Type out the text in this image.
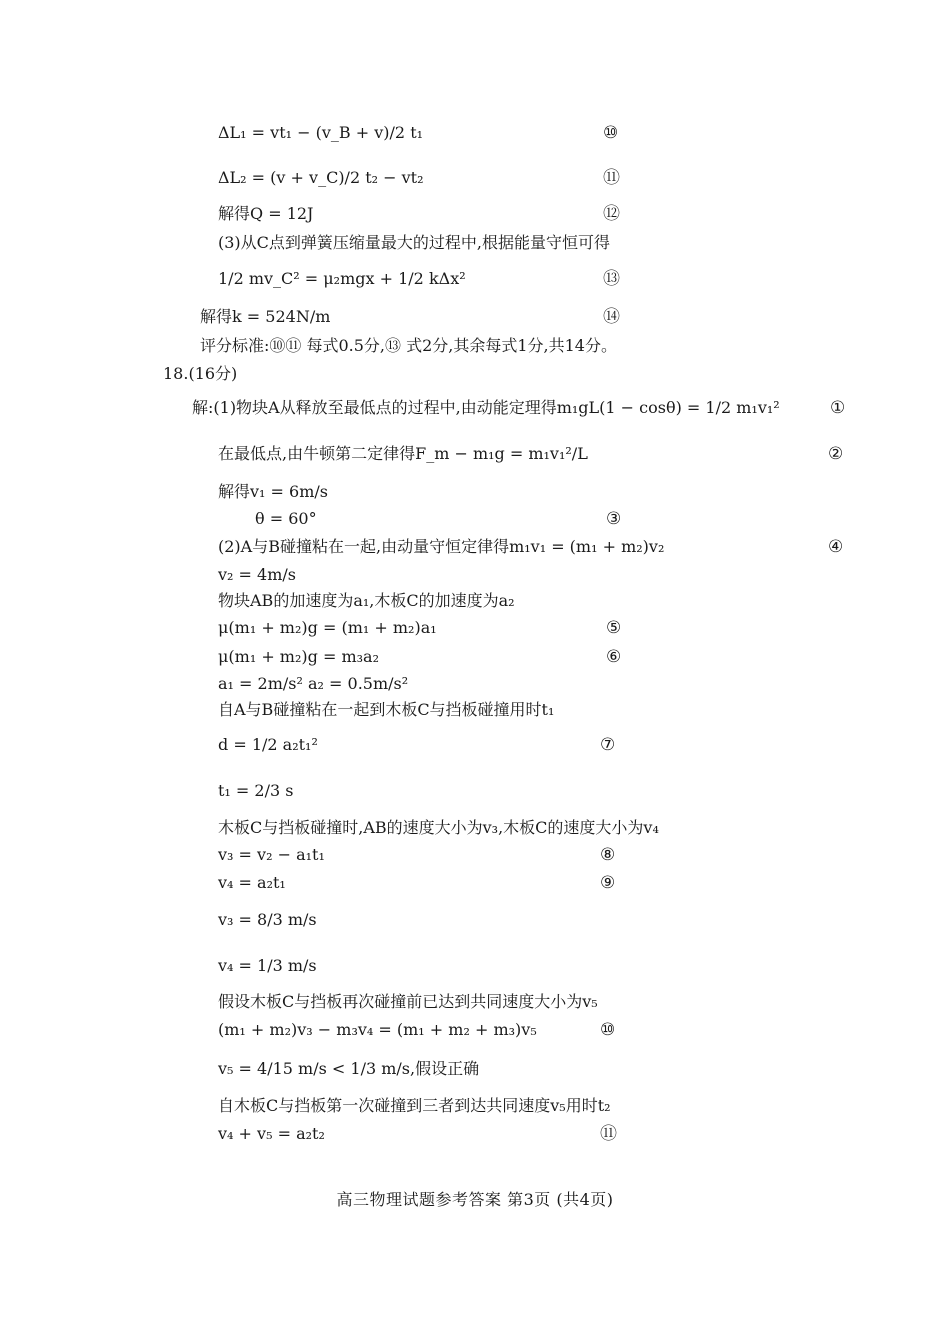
ΔL₁ = vt₁ − (v_B + v)/2 t₁	⑩
ΔL₂ = (v + v_C)/2 t₂ − vt₂	⑪
解得Q = 12J	⑫
(3)从C点到弹簧压缩量最大的过程中,根据能量守恒可得
1/2 mv_C² = μ₂mgx + 1/2 kΔx²	⑬
解得k = 524N/m	⑭
评分标准:⑩⑪ 每式0.5分,⑬ 式2分,其余每式1分,共14分。
18.(16分)
解:(1)物块A从释放至最低点的过程中,由动能定理得m₁gL(1 − cosθ) = 1/2 m₁v₁²	①
在最低点,由牛顿第二定律得F_m − m₁g = m₁v₁²/L	②
解得v₁ = 6m/s
θ = 60°	③
(2)A与B碰撞粘在一起,由动量守恒定律得m₁v₁ = (m₁ + m₂)v₂	④
v₂ = 4m/s
物块AB的加速度为a₁,木板C的加速度为a₂
μ(m₁ + m₂)g = (m₁ + m₂)a₁	⑤
μ(m₁ + m₂)g = m₃a₂	⑥
a₁ = 2m/s² a₂ = 0.5m/s²
自A与B碰撞粘在一起到木板C与挡板碰撞用时t₁
d = 1/2 a₂t₁²	⑦
t₁ = 2/3 s
木板C与挡板碰撞时,AB的速度大小为v₃,木板C的速度大小为v₄
v₃ = v₂ − a₁t₁	⑧
v₄ = a₂t₁	⑨
v₃ = 8/3 m/s
v₄ = 1/3 m/s
假设木板C与挡板再次碰撞前已达到共同速度大小为v₅
(m₁ + m₂)v₃ − m₃v₄ = (m₁ + m₂ + m₃)v₅	⑩
v₅ = 4/15 m/s < 1/3 m/s,假设正确
自木板C与挡板第一次碰撞到三者到达共同速度v₅用时t₂
v₄ + v₅ = a₂t₂	⑪
高三物理试题参考答案 第3页 (共4页)
